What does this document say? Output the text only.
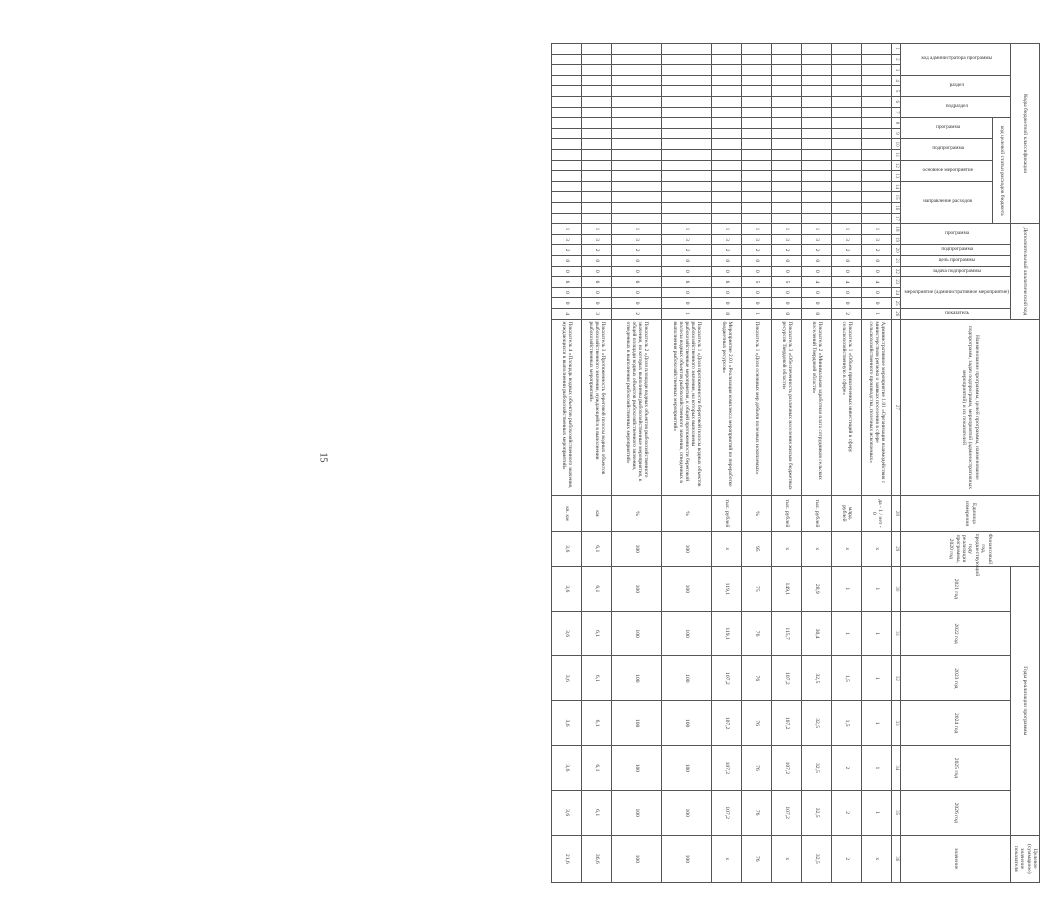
15
Коды бюджетной классификации																	Дополнительный аналитический код									Наименование программы, целей программы, наименование подпрограмм, задач подпрограмм, мероприятий (административных мероприятий) и их показателей	Единица измерения	Финансовый год, предшествующий году реализации программы, 2020 год	Годы реализации программы						Целевое (суммарное) значение показателя
код администратора программы			раздел		подраздел		код целевой статьи расходов бюджета										программа		подпрограмма	цель программы	задача подпрограммы	мероприятие (административное мероприятие)			показатель				2021 год	2022 год	2023 год	2024 год	2025 год	2026 год	значение
							программа		подпрограмма		основное мероприятие		направление расходов																						
1	2	3	4	5	6	7	8	9	10	11	12	13	14	15	16	17	18	19	20	21	22	23	24	25	26	27	28	29	30	31	32	33	34	35	36
																	1	3	2	0	0	4	0	0	1	Административное мероприятие 1.01 «Организация взаимодействия с министерством региона о заявках поселения в сфере сельскохозяйственного производства, полезных ископаемых»	да - 1 / нет - 0	х	1	1	1	1	1	1	х
																	1	3	2	0	0	4	0	0	2	Показатель 1 «Объем привлеченных инвестиций в сферу сельскохозяйственную в сфере»	млрд. рублей	х	1	1	1,5	1,5	2	2	2
																	1	3	2	0	0	4	0	0	0	Показатель 2 «Минимальная заработная плата сотрудников сельских поселений Твердовой области»	тыс. рублей	х	28,9	30,4	32,5	32,5	32,5	32,5	32,5
																	1	3	2	0	0	5	0	0	0	Показатель 3 «Обеспеченность различных населения жилым бюджетных ресурсов Твердовой области»	тыс. рублей	х	149,1	115,7	107,2	107,2	107,2	107,2	х
																	1	3	2	0	0	5	0	0	1	Показатель 1 «Доля основных мер добычи полезных ископаемых»	%	95	75	76	76	76	76	76	76
																	1	3	2	0	0	6	0	0	0	Мероприятие 2.01 «Реализация комплекса мероприятий по переработке бюджетных ресурсов»	тыс. рублей	х	119,1	119,1	107,2	107,2	107,2	107,2	х
																	1	3	2	0	0	6	0	0	1	Показатель 1 «Доля протяженности береговой полосы водных объектов рыбохозяйственного значения, на которых выполнены рыбохозяйственные мероприятия, к общей протяженности береговой полосы водных объектов рыбохозяйственного значения, отведенных в выполнения рыбохозяйственных мероприятий»	%	100	100	100	100	100	100	100	100
																	1	3	2	0	0	6	0	0	2	Показатель 2 «Доля площади водных объектов рыбохозяйственного значения, на которых выполнены рыбохозяйственные мероприятия, к общей площади водных объектов рыбохозяйственного значения, отведенных в выполнения рыбохозяйственных мероприятий»	%	100	100	100	100	100	100	100	100
																	1	3	2	0	0	6	0	0	3	Показатель 3 «Протяженность береговой полосы водных объектов рыбохозяйственного значения, нуждающейся в выполнении рыбохозяйственных мероприятий»	км	6,1	6,1	6,1	6,1	6,1	6,1	6,1	36,6
																	1	3	2	0	0	6	0	0	4	Показатель 4 «Площадь водных объектов рыбохозяйственного значения, нуждающихся в выполнении рыбохозяйственных мероприятий»	кв. км	3,6	3,6	3,6	3,6	3,6	3,6	3,6	21,6
